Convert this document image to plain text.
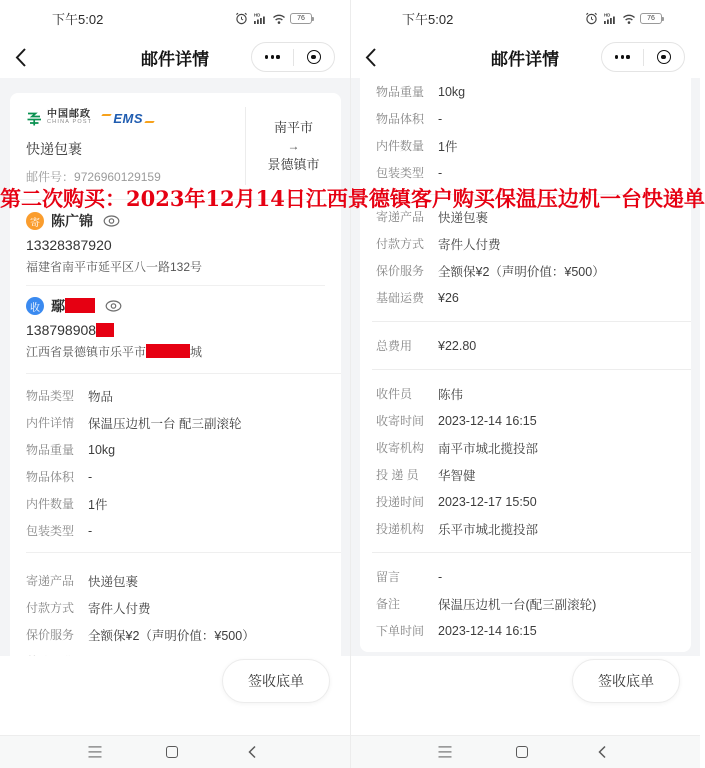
下午5:02	HD	76
邮件详情
中国邮政
CHINA POST EMS
快递包裹
邮件号：9726960129159
南平市
→
景德镇市
寄 陈广锦
13328387920
福建省南平市延平区八一路132号
收 鄢
138798908
江西省景德镇市乐平市	城
物品类型	物品
内件详情	保温压边机一台 配三副滚轮
物品重量	10kg
物品体积	-
内件数量	1件
包装类型	-
寄递产品	快递包裹
付款方式	寄件人付费
保价服务	全额保¥2（声明价值：¥500）
签收底单
下午5:02	HD	76
邮件详情
物品重量	10kg
物品体积	-
内件数量	1件
包装类型	-
寄递产品	快递包裹
付款方式	寄件人付费
保价服务	全额保¥2（声明价值：¥500）
基础运费	¥26
总费用	¥22.80
收件员	陈伟
收寄时间	2023-12-14 16:15
收寄机构	南平市城北揽投部
投 递 员	华智健
投递时间	2023-12-17 15:50
投递机构	乐平市城北揽投部
留言	-
备注	保温压边机一台(配三副滚轮)
下单时间	2023-12-14 16:15
签收底单
第二次购买：2023年12月14日江西景德镇客户购买保温压边机一台快递单
